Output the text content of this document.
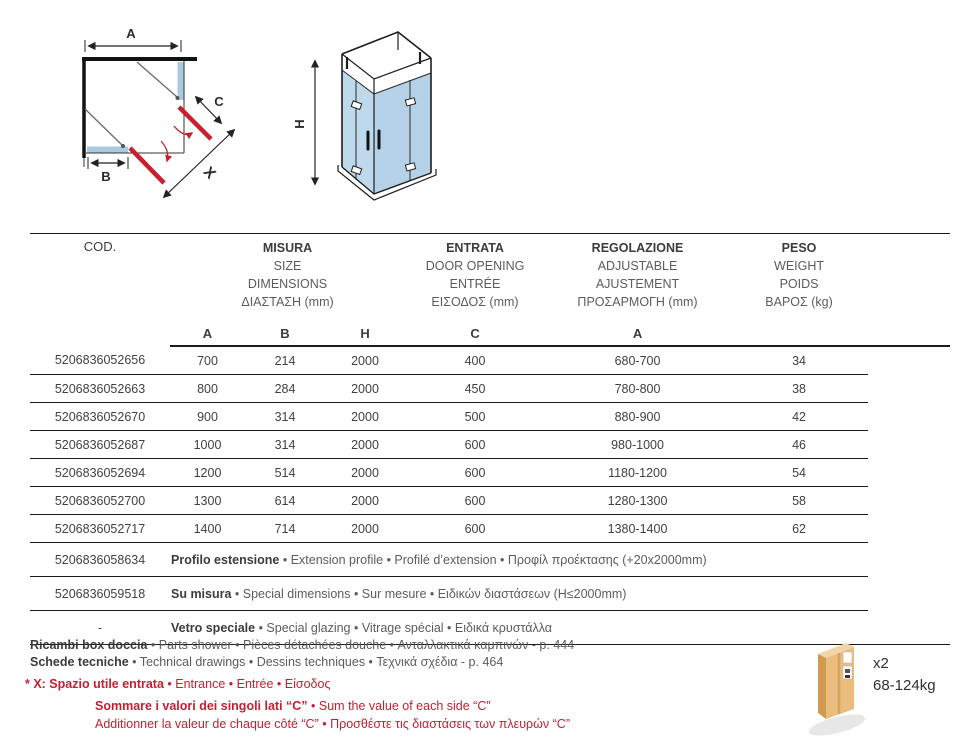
A
C
X
B
H
COD.	MISURA
SIZE
DIMENSIONS
ΔΙΑΣΤΑΣΗ (mm)

ENTRATA
DOOR OPENING
ENTRÉE
ΕΙΣΟΔΟΣ (mm)

REGOLAZIONE
ADJUSTABLE
AJUSTEMENT
ΠΡΟΣΑΡΜΟΓΗ (mm)

PESO
WEIGHT
POIDS
ΒΑΡΟΣ (kg)

	A	B	H	C	A		
5206836052656	700	214	2000	400	680-700	34	
5206836052663	800	284	2000	450	780-800	38	
5206836052670	900	314	2000	500	880-900	42	
5206836052687	1000	314	2000	600	980-1000	46	
5206836052694	1200	514	2000	600	1180-1200	54	
5206836052700	1300	614	2000	600	1280-1300	58	
5206836052717	1400	714	2000	600	1380-1400	62	
5206836058634	Profilo estensione • Extension profile • Profilé d’extension • Προφίλ προέκτασης (+20x2000mm)						
5206836059518	Su misura • Special dimensions • Sur mesure • Ειδικών διαστάσεων (H≤2000mm)						
-	Vetro speciale • Special glazing • Vitrage spécial • Ειδικά κρυστάλλα						
Ricambi box doccia • Parts shower • Pièces détachées douche • Ανταλλακτικά καμπινών - p. 444
Schede tecniche • Technical drawings • Dessins techniques • Τεχνικά σχέδια - p. 464
* X: Spazio utile entrata • Entrance • Entrée • Είσοδος
Sommare i valori dei singoli lati “C” • Sum the value of each side “C”
Additionner la valeur de chaque côté “C” • Προσθέστε τις διαστάσεις των πλευρών “C”
x2
68-124kg
